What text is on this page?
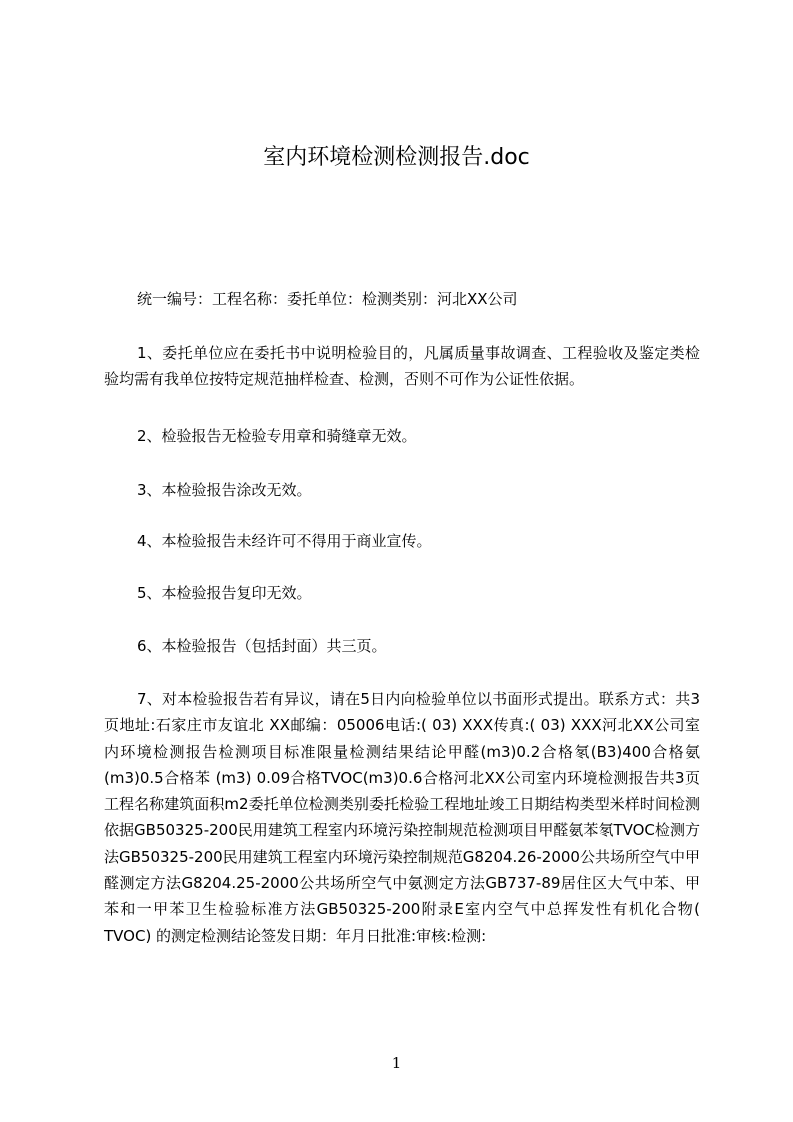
室内环境检测检测报告.doc
统一编号：工程名称：委托单位：检测类别：河北XX公司
1、委托单位应在委托书中说明检验目的，凡属质量事故调查、工程验收及鉴定类检验均需有我单位按特定规范抽样检查、检测，否则不可作为公证性依据。
2、检验报告无检验专用章和骑缝章无效。
3、本检验报告涂改无效。
4、本检验报告未经许可不得用于商业宣传。
5、本检验报告复印无效。
6、本检验报告（包括封面）共三页。
7、对本检验报告若有异议，请在5日内向检验单位以书面形式提出。联系方式：共3页地址:石家庄市友谊北 XX邮编：05006电话:( 03) XXX传真:( 03) XXX河北XX公司室内环境检测报告检测项目标准限量检测结果结论甲醛(m3)0.2合格氡(B3)400合格氨(m3)0.5合格苯 (m3) 0.09合格TVOC(m3)0.6合格河北XX公司室内环境检测报告共3页工程名称建筑面积m2委托单位检测类别委托检验工程地址竣工日期结构类型米样时间检测依据GB50325-200民用建筑工程室内环境污染控制规范检测项目甲醛氨苯氡TVOC检测方法GB50325-200民用建筑工程室内环境污染控制规范G8204.26-2000公共场所空气中甲醛测定方法G8204.25-2000公共场所空气中氨测定方法GB737-89居住区大气中苯、甲苯和一甲苯卫生检验标准方法GB50325-200附录E室内空气中总挥发性有机化合物( TVOC) 的测定检测结论签发日期：年月日批准:审核:检测:
1
